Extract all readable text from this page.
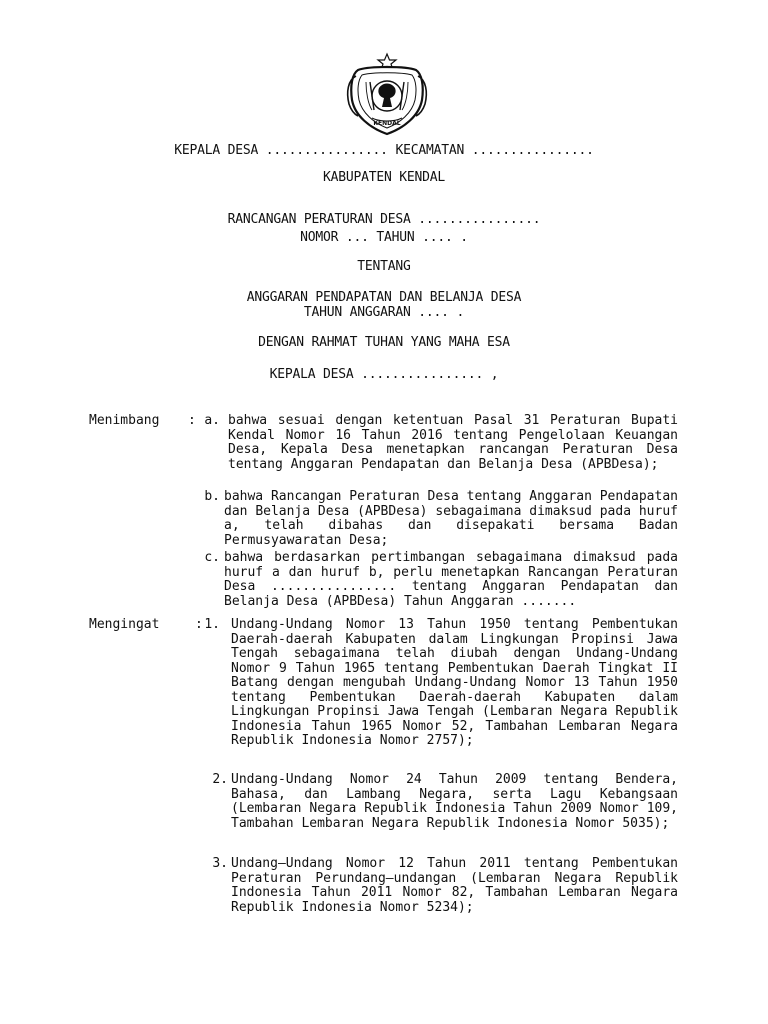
KENDAL
KEPALA DESA ................ KECAMATAN ................
KABUPATEN KENDAL
RANCANGAN PERATURAN DESA ................
NOMOR ... TAHUN .... .
TENTANG
ANGGARAN PENDAPATAN DAN BELANJA DESA
TAHUN ANGGARAN .... .
DENGAN RAHMAT TUHAN YANG MAHA ESA
KEPALA DESA ................ ,
Menimbang : a. bahwa sesuai dengan ketentuan Pasal 31 Peraturan Bupati Kendal Nomor 16 Tahun 2016 tentang Pengelolaan Keuangan Desa, Kepala Desa menetapkan rancangan Peraturan Desa tentang Anggaran Pendapatan dan Belanja Desa (APBDesa);
b. bahwa Rancangan Peraturan Desa tentang Anggaran Pendapatan dan Belanja Desa (APBDesa) sebagaimana dimaksud pada huruf a, telah dibahas dan disepakati bersama Badan Permusyawaratan Desa;
c. bahwa berdasarkan pertimbangan sebagaimana dimaksud pada huruf a dan huruf b, perlu menetapkan Rancangan Peraturan Desa ................ tentang Anggaran Pendapatan dan Belanja Desa (APBDesa) Tahun Anggaran .......
Mengingat	: 1. Undang-Undang Nomor 13 Tahun 1950 tentang Pembentukan Daerah-daerah Kabupaten dalam Lingkungan Propinsi Jawa Tengah sebagaimana telah diubah dengan Undang-Undang Nomor 9 Tahun 1965 tentang Pembentukan Daerah Tingkat II Batang dengan mengubah Undang-Undang Nomor 13 Tahun 1950 tentang Pembentukan Daerah-daerah Kabupaten dalam Lingkungan Propinsi Jawa Tengah (Lembaran Negara Republik Indonesia Tahun 1965 Nomor 52, Tambahan Lembaran Negara Republik Indonesia Nomor 2757);
2. Undang-Undang Nomor 24 Tahun 2009 tentang Bendera, Bahasa, dan Lambang Negara, serta Lagu Kebangsaan (Lembaran Negara Republik Indonesia Tahun 2009 Nomor 109, Tambahan Lembaran Negara Republik Indonesia Nomor 5035);
3. Undang–Undang Nomor 12 Tahun 2011 tentang Pembentukan Peraturan Perundang–undangan (Lembaran Negara Republik Indonesia Tahun 2011 Nomor 82, Tambahan Lembaran Negara Republik Indonesia Nomor 5234);
